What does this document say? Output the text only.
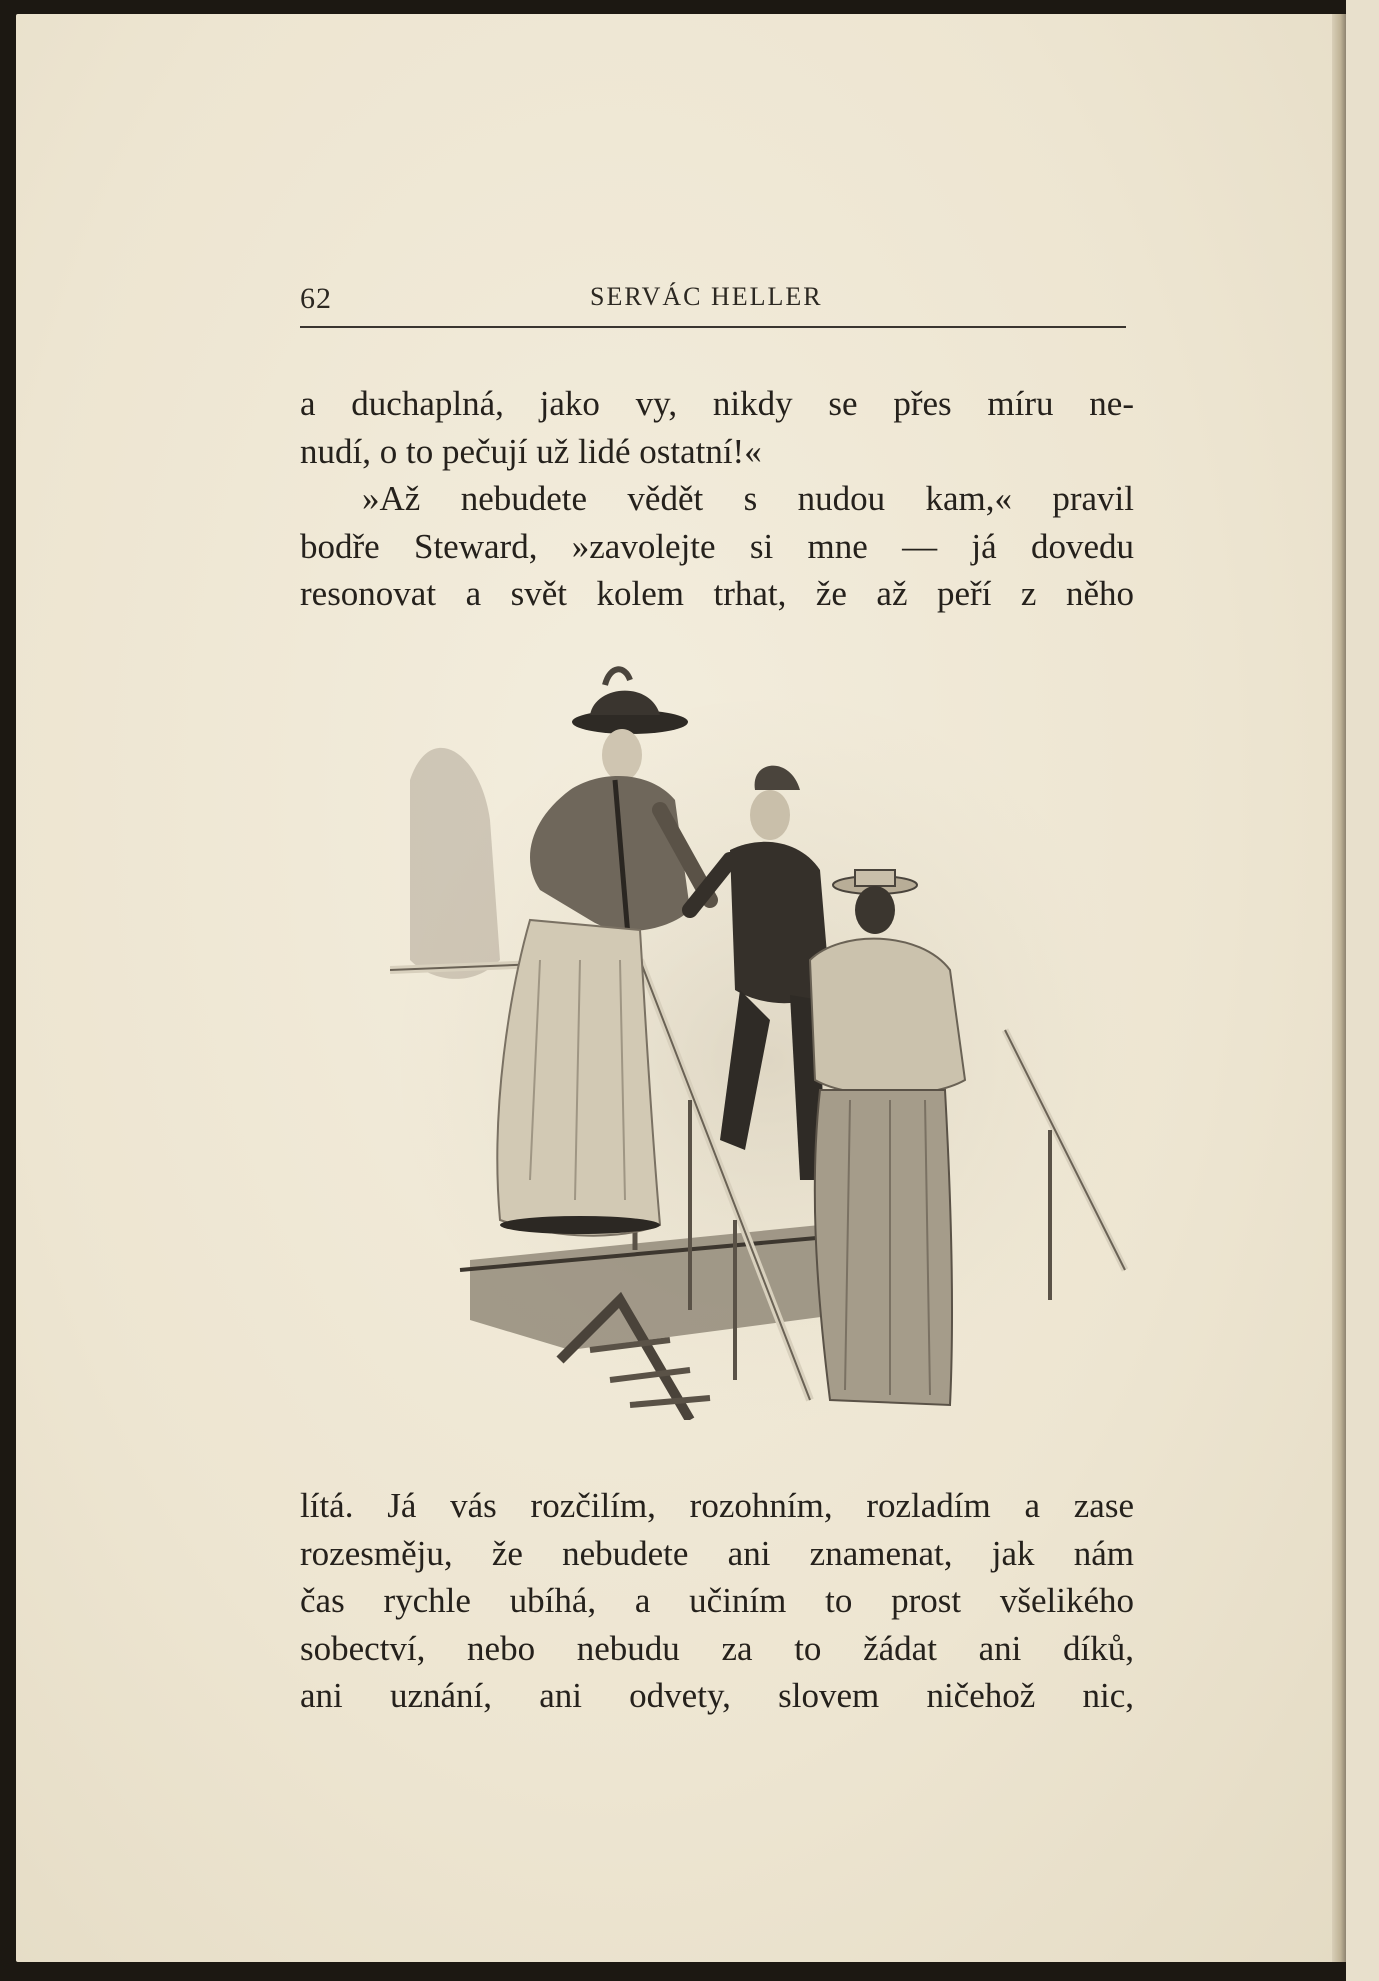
62	SERVÁC HELLER
a duchaplná, jako vy, nikdy se přes míru ne-
nudí, o to pečují už lidé ostatní!«
»Až nebudete vědět s nudou kam,« pravil
bodře Steward, »zavolejte si mne — já dovedu
resonovat a svět kolem trhat, že až peří z něho
lítá. Já vás rozčilím, rozohním, rozladím a zase
rozesměju, že nebudete ani znamenat, jak nám
čas rychle ubíhá, a učiním to prost všelikého
sobectví, nebo nebudu za to žádat ani díků,
ani uznání, ani odvety, slovem ničehož nic,
